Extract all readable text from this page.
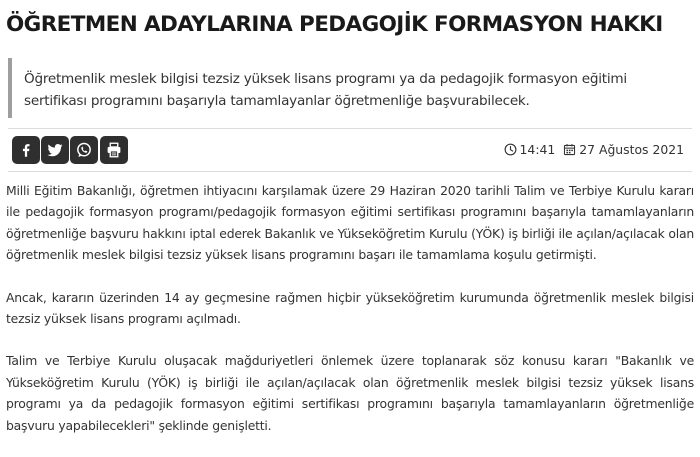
ÖĞRETMEN ADAYLARINA PEDAGOJİK FORMASYON HAKKI
Öğretmenlik meslek bilgisi tezsiz yüksek lisans programı ya da pedagojik formasyon eğitimi sertifikası programını başarıyla tamamlayanlar öğretmenliğe başvurabilecek.
14:41 27 Ağustos 2021

Milli Eğitim Bakanlığı, öğretmen ihtiyacını karşılamak üzere 29 Haziran 2020 tarihli Talim ve Terbiye Kurulu kararı ile pedagojik formasyon programı/pedagojik formasyon eğitimi sertifikası programını başarıyla tamamlayanların öğretmenliğe başvuru hakkını iptal ederek Bakanlık ve Yükseköğretim Kurulu (YÖK) iş birliği ile açılan/açılacak olan öğretmenlik meslek bilgisi tezsiz yüksek lisans programını başarı ile tamamlama koşulu getirmişti.

Ancak, kararın üzerinden 14 ay geçmesine rağmen hiçbir yükseköğretim kurumunda öğretmenlik meslek bilgisi tezsiz yüksek lisans programı açılmadı.

Talim ve Terbiye Kurulu oluşacak mağduriyetleri önlemek üzere toplanarak söz konusu kararı "Bakanlık ve Yükseköğretim Kurulu (YÖK) iş birliği ile açılan/açılacak olan öğretmenlik meslek bilgisi tezsiz yüksek lisans programı ya da pedagojik formasyon eğitimi sertifikası programını başarıyla tamamlayanların öğretmenliğe başvuru yapabilecekleri" şeklinde genişletti.
